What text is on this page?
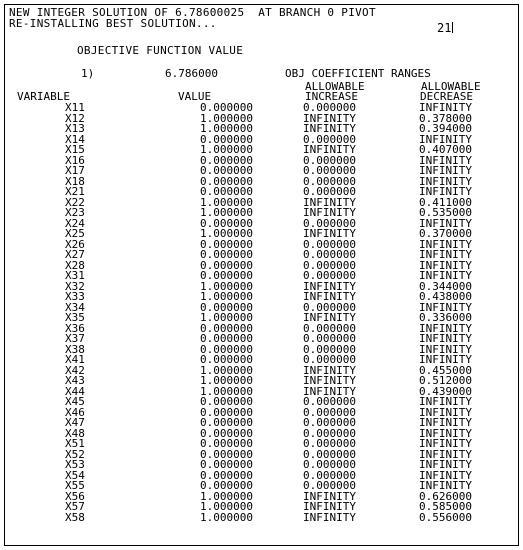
NEW INTEGER SOLUTION OF 6.78600025  AT BRANCH 0 PIVOT
RE-INSTALLING BEST SOLUTION...	21
OBJECTIVE FUNCTION VALUE
1)	6.786000	OBJ COEFFICIENT RANGES
ALLOWABLE	ALLOWABLE
VARIABLE	VALUE	INCREASE	DECREASE
X11	0.000000	0.000000	INFINITY
X12	1.000000	INFINITY	0.378000
X13	1.000000	INFINITY	0.394000
X14	0.000000	0.000000	INFINITY
X15	1.000000	INFINITY	0.407000
X16	0.000000	0.000000	INFINITY
X17	0.000000	0.000000	INFINITY
X18	0.000000	0.000000	INFINITY
X21	0.000000	0.000000	INFINITY
X22	1.000000	INFINITY	0.411000
X23	1.000000	INFINITY	0.535000
X24	0.000000	0.000000	INFINITY
X25	1.000000	INFINITY	0.370000
X26	0.000000	0.000000	INFINITY
X27	0.000000	0.000000	INFINITY
X28	0.000000	0.000000	INFINITY
X31	0.000000	0.000000	INFINITY
X32	1.000000	INFINITY	0.344000
X33	1.000000	INFINITY	0.438000
X34	0.000000	0.000000	INFINITY
X35	1.000000	INFINITY	0.336000
X36	0.000000	0.000000	INFINITY
X37	0.000000	0.000000	INFINITY
X38	0.000000	0.000000	INFINITY
X41	0.000000	0.000000	INFINITY
X42	1.000000	INFINITY	0.455000
X43	1.000000	INFINITY	0.512000
X44	1.000000	INFINITY	0.439000
X45	0.000000	0.000000	INFINITY
X46	0.000000	0.000000	INFINITY
X47	0.000000	0.000000	INFINITY
X48	0.000000	0.000000	INFINITY
X51	0.000000	0.000000	INFINITY
X52	0.000000	0.000000	INFINITY
X53	0.000000	0.000000	INFINITY
X54	0.000000	0.000000	INFINITY
X55	0.000000	0.000000	INFINITY
X56	1.000000	INFINITY	0.626000
X57	1.000000	INFINITY	0.585000
X58	1.000000	INFINITY	0.556000
